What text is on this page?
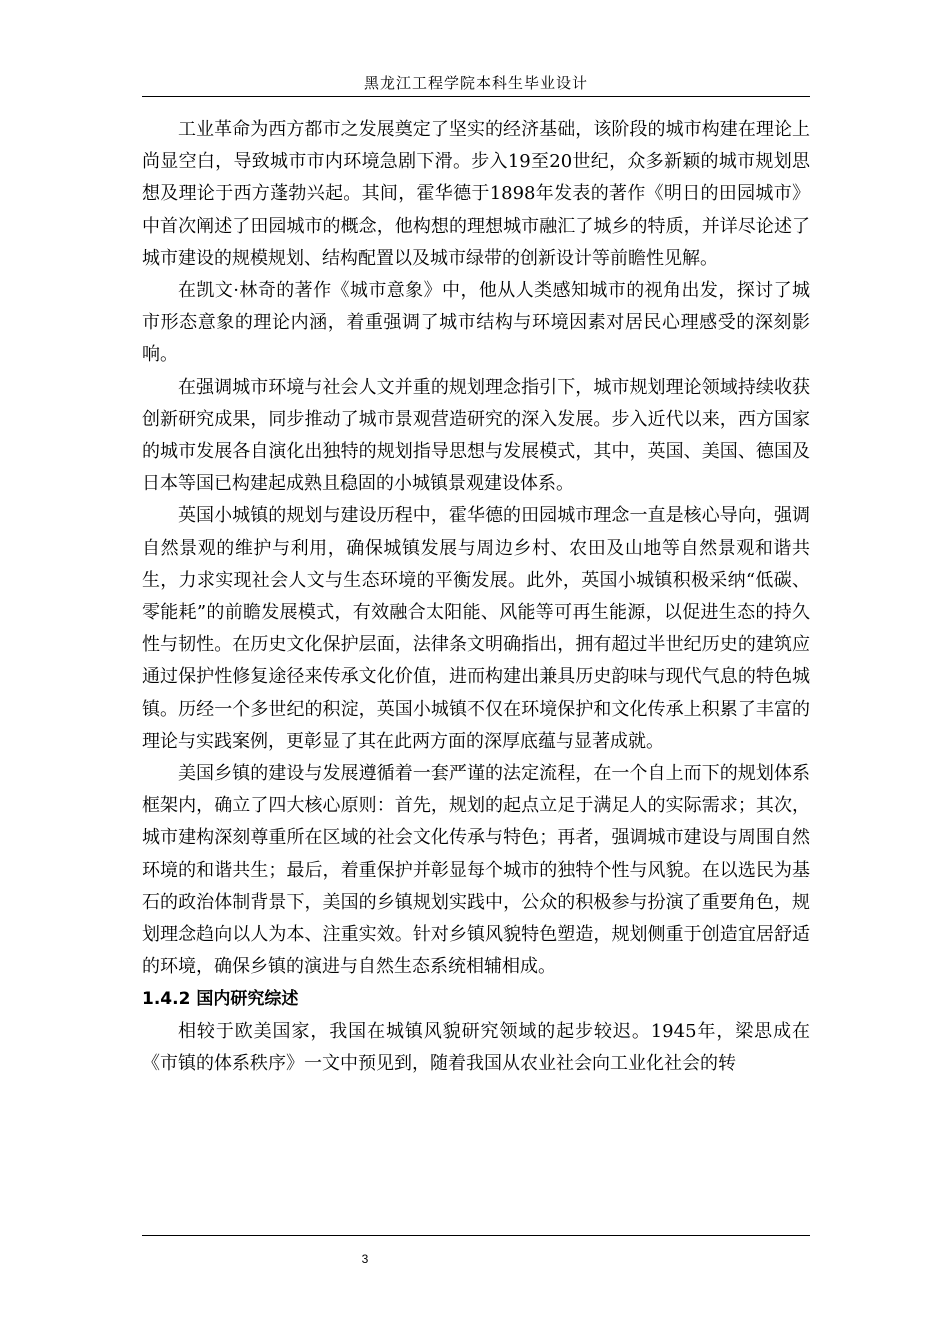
黑龙江工程学院本科生毕业设计

工业革命为西方都市之发展奠定了坚实的经济基础，该阶段的城市构建在理论上尚显空白，导致城市市内环境急剧下滑。步入19至20世纪，众多新颖的城市规划思想及理论于西方蓬勃兴起。其间，霍华德于1898年发表的著作《明日的田园城市》中首次阐述了田园城市的概念，他构想的理想城市融汇了城乡的特质，并详尽论述了城市建设的规模规划、结构配置以及城市绿带的创新设计等前瞻性见解。

在凯文·林奇的著作《城市意象》中，他从人类感知城市的视角出发，探讨了城市形态意象的理论内涵，着重强调了城市结构与环境因素对居民心理感受的深刻影响。

在强调城市环境与社会人文并重的规划理念指引下，城市规划理论领域持续收获创新研究成果，同步推动了城市景观营造研究的深入发展。步入近代以来，西方国家的城市发展各自演化出独特的规划指导思想与发展模式，其中，英国、美国、德国及日本等国已构建起成熟且稳固的小城镇景观建设体系。

英国小城镇的规划与建设历程中，霍华德的田园城市理念一直是核心导向，强调自然景观的维护与利用，确保城镇发展与周边乡村、农田及山地等自然景观和谐共生，力求实现社会人文与生态环境的平衡发展。此外，英国小城镇积极采纳“低碳、零能耗”的前瞻发展模式，有效融合太阳能、风能等可再生能源，以促进生态的持久性与韧性。在历史文化保护层面，法律条文明确指出，拥有超过半世纪历史的建筑应通过保护性修复途径来传承文化价值，进而构建出兼具历史韵味与现代气息的特色城镇。历经一个多世纪的积淀，英国小城镇不仅在环境保护和文化传承上积累了丰富的理论与实践案例，更彰显了其在此两方面的深厚底蕴与显著成就。

美国乡镇的建设与发展遵循着一套严谨的法定流程，在一个自上而下的规划体系框架内，确立了四大核心原则：首先，规划的起点立足于满足人的实际需求；其次，城市建构深刻尊重所在区域的社会文化传承与特色；再者，强调城市建设与周围自然环境的和谐共生；最后，着重保护并彰显每个城市的独特个性与风貌。在以选民为基石的政治体制背景下，美国的乡镇规划实践中，公众的积极参与扮演了重要角色，规划理念趋向以人为本、注重实效。针对乡镇风貌特色塑造，规划侧重于创造宜居舒适的环境，确保乡镇的演进与自然生态系统相辅相成。

1.4.2 国内研究综述

相较于欧美国家，我国在城镇风貌研究领域的起步较迟。1945年，梁思成在《市镇的体系秩序》一文中预见到，随着我国从农业社会向工业化社会的转

3
